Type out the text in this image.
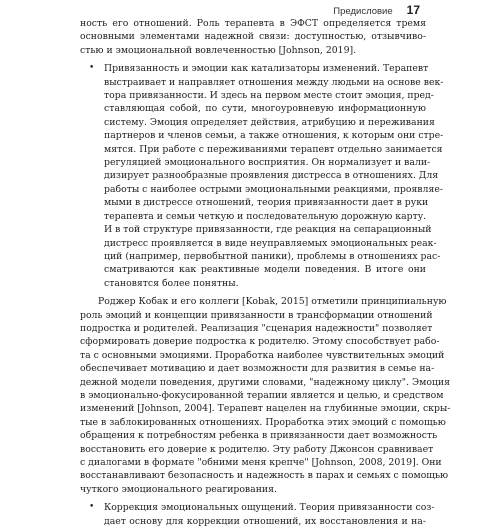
Предисловие 17
ность его отношений. Роль терапевта в ЭФСТ определяется тремя
основными элементами надежной связи: доступностью, отзывчиво-
стью и эмоциональной вовлеченностью [Johnson, 2019].
•	Привязанность и эмоции как катализаторы изменений. Терапевт
выстраивает и направляет отношения между людьми на основе век-
тора привязанности. И здесь на первом месте стоит эмоция, пред-
ставляющая собой, по сути, многоуровневую информационную
систему. Эмоция определяет действия, атрибуцию и переживания
партнеров и членов семьи, а также отношения, к которым они стре-
мятся. При работе с переживаниями терапевт отдельно занимается
регуляцией эмоционального восприятия. Он нормализует и вали-
дизирует разнообразные проявления дистресса в отношениях. Для
работы с наиболее острыми эмоциональными реакциями, проявляе-
мыми в дистрессе отношений, теория привязанности дает в руки
терапевта и семьи четкую и последовательную дорожную карту.
И в той структуре привязанности, где реакция на сепарационный
дистресс проявляется в виде неуправляемых эмоциональных реак-
ций (например, первобытной паники), проблемы в отношениях рас-
сматриваются как реактивные модели поведения. В итоге они
становятся более понятны.
Роджер Кобак и его коллеги [Kobak, 2015] отметили принципиальную
роль эмоций и концепции привязанности в трансформации отношений
подростка и родителей. Реализация "сценария надежности" позволяет
сформировать доверие подростка к родителю. Этому способствует рабо-
та с основными эмоциями. Проработка наиболее чувствительных эмоций
обеспечивает мотивацию и дает возможности для развития в семье на-
дежной модели поведения, другими словами, "надежному циклу". Эмоция
в эмоционально-фокусированной терапии является и целью, и средством
изменений [Johnson, 2004]. Терапевт нацелен на глубинные эмоции, скры-
тые в заблокированных отношениях. Проработка этих эмоций с помощью
обращения к потребностям ребенка в привязанности дает возможность
восстановить его доверие к родителю. Эту работу Джонсон сравнивает
с диалогами в формате "обними меня крепче" [Johnson, 2008, 2019]. Они
восстанавливают безопасность и надежность в парах и семьях с помощью
чуткого эмоционального реагирования.
•	Коррекция эмоциональных ощущений. Теория привязанности соз-
дает основу для коррекции отношений, их восстановления и на-
